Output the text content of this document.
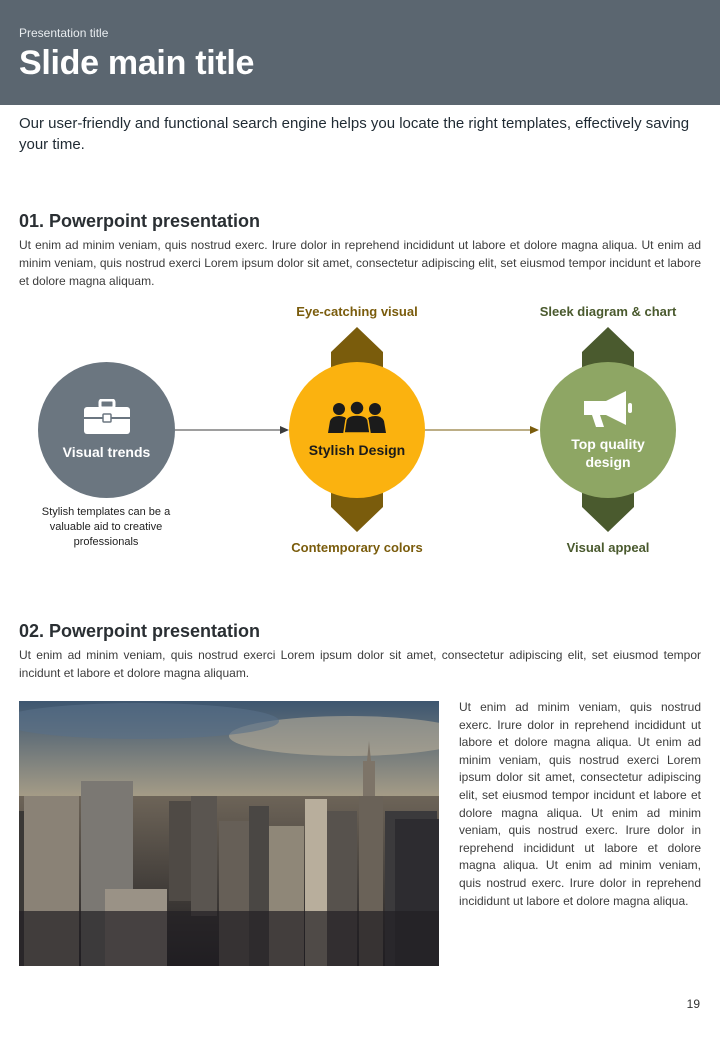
Presentation title
Slide main title
Our user-friendly and functional search engine helps you locate the right templates, effectively saving your time.
01. Powerpoint presentation
Ut enim ad minim veniam, quis nostrud exerc. Irure dolor in reprehend incididunt ut labore et dolore magna aliqua. Ut enim ad minim veniam, quis nostrud exerci Lorem ipsum dolor sit amet, consectetur adipiscing elit, set eiusmod tempor incidunt et labore et dolore magna aliquam.
Eye-catching visual
Contemporary colors
Sleek diagram & chart
Visual appeal
Visual trends
Stylish templates can be a valuable aid to creative professionals
Stylish Design	Top quality design
02. Powerpoint presentation
Ut enim ad minim veniam, quis nostrud exerci Lorem ipsum dolor sit amet, consectetur adipiscing elit, set eiusmod tempor incidunt et labore et dolore magna aliquam.
Ut enim ad minim veniam, quis nostrud exerc. Irure dolor in reprehend incididunt ut labore et dolore magna aliqua. Ut enim ad minim veniam, quis nostrud exerci Lorem ipsum dolor sit amet, consectetur adipiscing elit, set eiusmod tempor incidunt et labore et dolore magna aliqua. Ut enim ad minim veniam, quis nostrud exerc. Irure dolor in reprehend incididunt ut labore et dolore magna aliqua. Ut enim ad minim veniam, quis nostrud exerc. Irure dolor in reprehend incididunt ut labore et dolore magna aliqua.
19
